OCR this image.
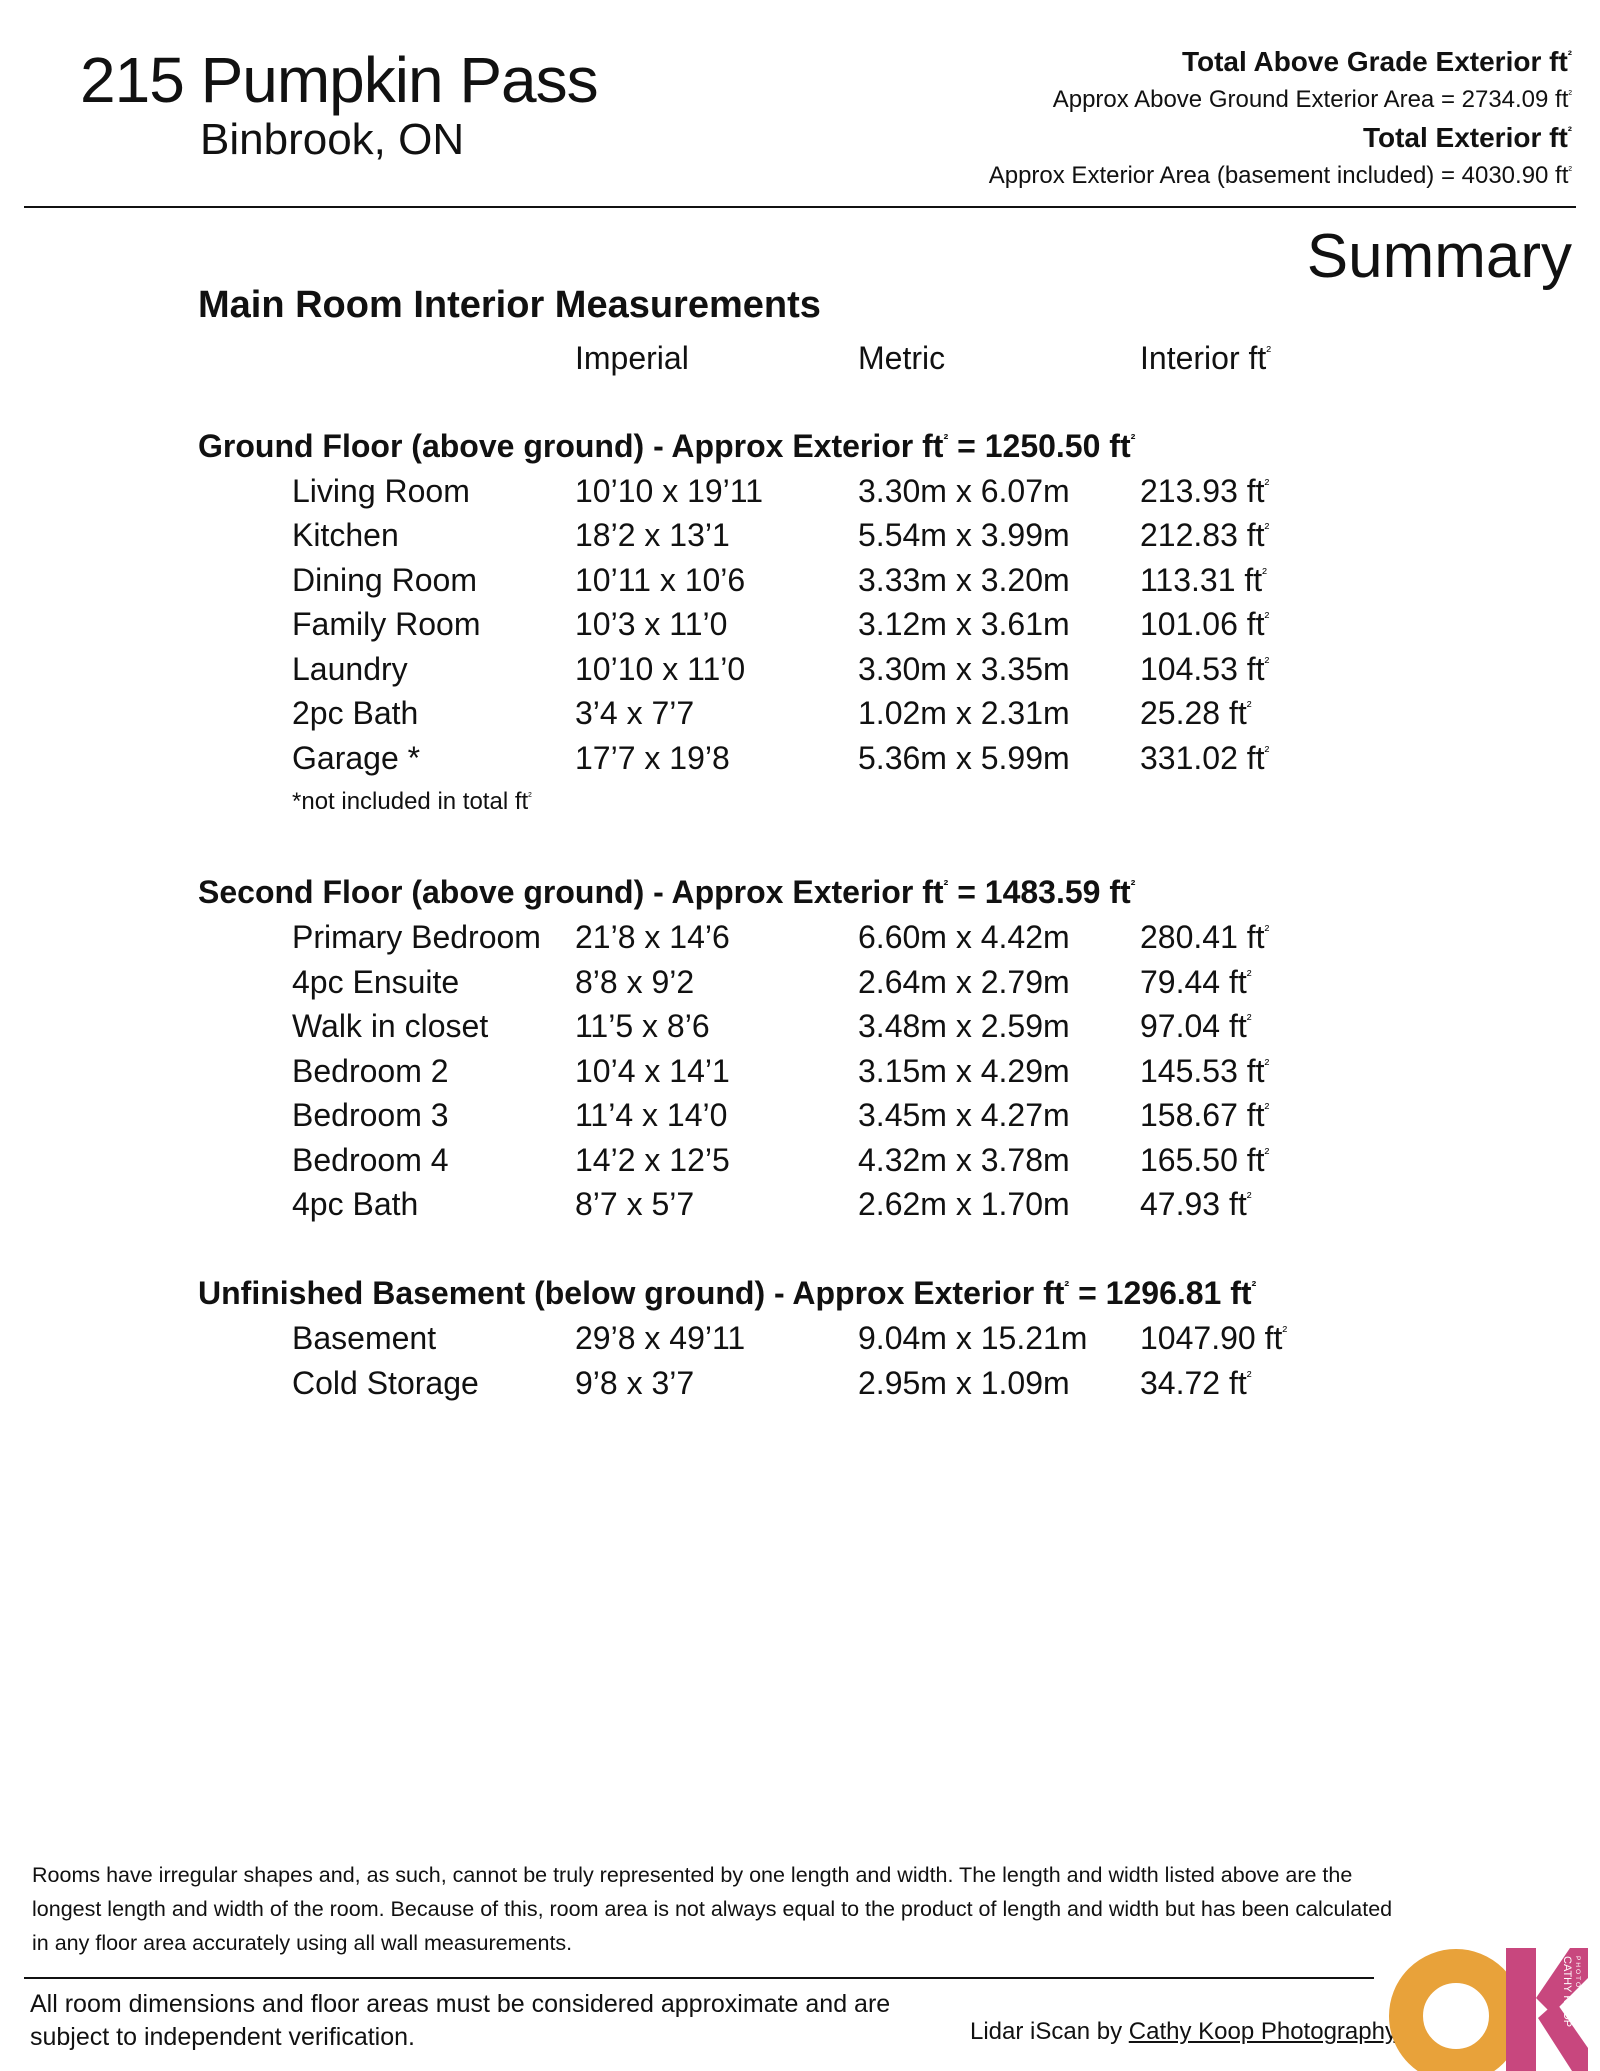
215 Pumpkin Pass
Binbrook, ON
Total Above Grade Exterior $ft^{^2}$
Approx Above Ground Exterior Area = 2734.09 $ft^{^2}$
Total Exterior $ft^{^2}$
Approx Exterior Area (basement included) = 4030.90 $ft^{^2}$
Summary
Main Room Interior Measurements
Imperial	Metric	Interior $ft^{^2}$
Ground Floor (above ground) - Approx Exterior $ft^{^2} = 1250.50$ $ft^{^2}$
Living Room	10’10 x 19’11	3.30m x 6.07m 213.93 $ft^{^2}$
Kitchen	18’2 x 13’1	5.54m x 3.99m 212.83 $ft^{^2}$
Dining Room	10’11 x 10’6	3.33m x 3.20m 113.31 $ft^{^2}$
Family Room	10’3 x 11’0	3.12m x 3.61m 101.06 $ft^{^2}$
Laundry	10’10 x 11’0	3.30m x 3.35m 104.53 $ft^{^2}$
2pc Bath	3’4 x 7’7	1.02m x 2.31m 25.28 $ft^{^2}$
Garage *	17’7 x 19’8	5.36m x 5.99m 331.02 $ft^{^2}$
*not included in total $ft^{^2}$
Second Floor (above ground) - Approx Exterior $ft^{^2} = 1483.59$ $ft^{^2}$
Primary Bedroom 21’8 x 14’6	6.60m x 4.42m 280.41 $ft^{^2}$
4pc Ensuite	8’8 x 9’2	2.64m x 2.79m 79.44 $ft^{^2}$
Walk in closet	11’5 x 8’6	3.48m x 2.59m 97.04 $ft^{^2}$
Bedroom 2	10’4 x 14’1	3.15m x 4.29m 145.53 $ft^{^2}$
Bedroom 3	11’4 x 14’0	3.45m x 4.27m 158.67 $ft^{^2}$
Bedroom 4	14’2 x 12’5	4.32m x 3.78m 165.50 $ft^{^2}$
4pc Bath	8’7 x 5’7	2.62m x 1.70m 47.93 $ft^{^2}$
Unfinished Basement (below ground) - Approx Exterior $ft^{^2} = 1296.81$ $ft^{^2}$
Basement	29’8 x 49’11	9.04m x 15.21m 1047.90 $ft^{^2}$
Cold Storage	9’8 x 3’7	2.95m x 1.09m 34.72 $ft^{^2}$
Rooms have irregular shapes and, as such, cannot be truly represented by one length and width. The length and width listed above are the longest length and width of the room. Because of this, room area is not always equal to the product of length and width but has been calculated in any floor area accurately using all wall measurements.
All room dimensions and floor areas must be considered approximate and are subject to independent verification.	Lidar iScan by Cathy Koop Photography
CATHY KOOP PHOTOGRAPHY
